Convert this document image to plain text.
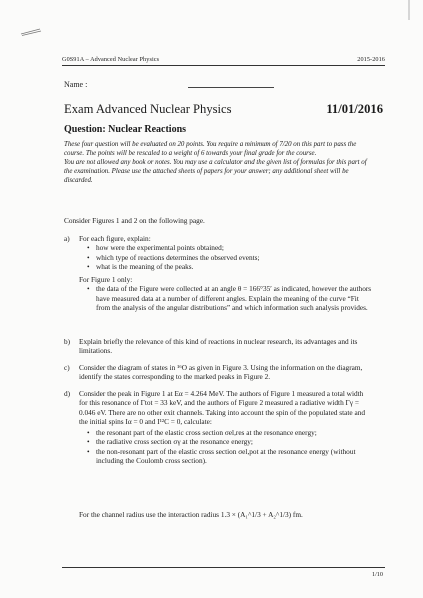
G0S91A – Advanced Nuclear Physics	2015-2016
Name :
Exam Advanced Nuclear Physics	11/01/2016
Question: Nuclear Reactions

These four question will be evaluated on 20 points. You require a minimum of 7/20 on this part to pass the course. The points will be rescaled to a weight of 6 towards your final grade for the course.

You are not allowed any book or notes. You may use a calculator and the given list of formulas for this part of the examination. Please use the attached sheets of papers for your answer; any additional sheet will be discarded.

Consider Figures 1 and 2 on the following page.
a) For each figure, explain:
• how were the experimental points obtained;
• which type of reactions determines the observed events;
• what is the meaning of the peaks.
For Figure 1 only:
• the data of the Figure were collected at an angle θ = 166°35′ as indicated, however the authors have measured data at a number of different angles. Explain the meaning of the curve “Fit from the analysis of the angular distributions” and which information such analysis provides.
b) Explain briefly the relevance of this kind of reactions in nuclear research, its advantages and its limitations.
c) Consider the diagram of states in ¹⁶O as given in Figure 3. Using the information on the diagram, identify the states corresponding to the marked peaks in Figure 2.
d) Consider the peak in Figure 1 at Eα = 4.264 MeV. The authors of Figure 1 measured a total width for this resonance of Γtot = 33 keV, and the authors of Figure 2 measured a radiative width Γγ = 0.046 eV. There are no other exit channels. Taking into account the spin of the populated state and the initial spins Iα = 0 and I¹²C = 0, calculate:
• the resonant part of the elastic cross section σel,res at the resonance energy;
• the radiative cross section σγ at the resonance energy;
• the non-resonant part of the elastic cross section σel,pot at the resonance energy (without including the Coulomb cross section).
For the channel radius use the interaction radius 1.3 × (A₁^1/3 + A₂^1/3) fm.
1/10
